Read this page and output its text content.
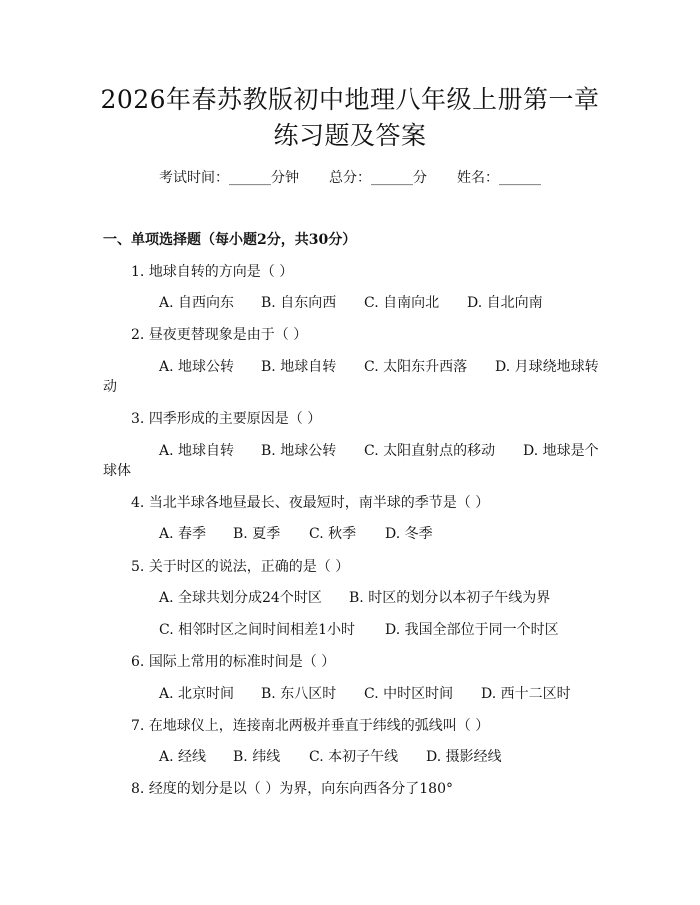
2026年春苏教版初中地理八年级上册第一章
练习题及答案
考试时间：______分钟 总分：______分 姓名：______
一、单项选择题（每小题2分，共30分）
1. 地球自转的方向是（ ）
A. 自西向东 B. 自东向西 C. 自南向北 D. 自北向南
2. 昼夜更替现象是由于（ ）
A. 地球公转 B. 地球自转 C. 太阳东升西落 D. 月球绕地球转
动
3. 四季形成的主要原因是（ ）
A. 地球自转 B. 地球公转 C. 太阳直射点的移动 D. 地球是个
球体
4. 当北半球各地昼最长、夜最短时，南半球的季节是（ ）
A. 春季 B. 夏季 C. 秋季 D. 冬季
5. 关于时区的说法，正确的是（ ）
A. 全球共划分成24个时区 B. 时区的划分以本初子午线为界
C. 相邻时区之间时间相差1小时 D. 我国全部位于同一个时区
6. 国际上常用的标准时间是（ ）
A. 北京时间 B. 东八区时 C. 中时区时间 D. 西十二区时
7. 在地球仪上，连接南北两极并垂直于纬线的弧线叫（ ）
A. 经线 B. 纬线 C. 本初子午线 D. 摄影经线
8. 经度的划分是以（ ）为界，向东向西各分了180°
